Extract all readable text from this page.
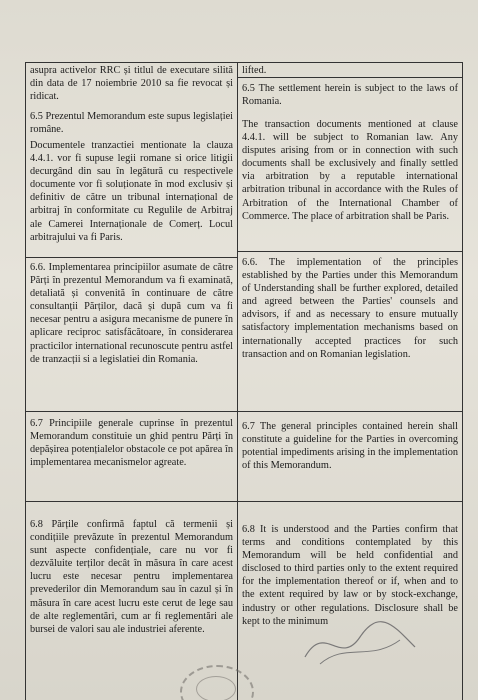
asupra activelor RRC și titlul de executare silită din data de 17 noiembrie 2010 sa fie revocat și ridicat.

6.5 Prezentul Memorandum este supus legislației române.

Documentele tranzactiei mentionate la clauza 4.4.1. vor fi supuse legii romane si orice litigii decurgând din sau în legătură cu respectivele documente vor fi soluționate în mod exclusiv și definitiv de către un tribunal internațional de arbitraj în conformitate cu Regulile de Arbitraj ale Camerei Internaționale de Comerț. Locul arbitrajului va fi Paris.

6.6. Implementarea principiilor asumate de către Părți în prezentul Memorandum va fi examinată, detaliată și convenită în continuare de către consultanții Părților, dacă și după cum va fi necesar pentru a asigura mecanisme de punere în aplicare reciproc satisfăcătoare, în considerarea practicilor international recunoscute pentru astfel de tranzacții si a legislatiei din Romania.

6.7 Principiile generale cuprinse în prezentul Memorandum constituie un ghid pentru Părți în depășirea potențialelor obstacole ce pot apărea în implementarea mecanismelor agreate.

6.8 Părțile confirmă faptul că termenii și condițiile prevăzute în prezentul Memorandum sunt aspecte confidențiale, care nu vor fi dezvăluite terților decât în măsura în care acest lucru este necesar pentru implementarea prevederilor din Memorandum sau în cazul și în măsura în care acest lucru este cerut de lege sau de alte reglementări, cum ar fi reglementări ale bursei de valori sau ale industriei aferente.

lifted.

6.5 The settlement herein is subject to the laws of Romania.

The transaction documents mentioned at clause 4.4.1. will be subject to Romanian law. Any disputes arising from or in connection with such documents shall be exclusively and finally settled via arbitration by a reputable international arbitration tribunal in accordance with the Rules of Arbitration of the International Chamber of Commerce. The place of arbitration shall be Paris.

6.6. The implementation of the principles established by the Parties under this Memorandum of Understanding shall be further explored, detailed and agreed between the Parties' counsels and advisors, if and as necessary to ensure mutually satisfactory implementation mechanisms based on internationally accepted practices for such transaction and on Romanian legislation.

6.7 The general principles contained herein shall constitute a guideline for the Parties in overcoming potential impediments arising in the implementation of this Memorandum.

6.8 It is understood and the Parties confirm that terms and conditions contemplated by this Memorandum will be held confidential and disclosed to third parties only to the extent required for the implementation thereof or if, when and to the extent required by law or by stock-exchange, industry or other regulations. Disclosure shall be kept to the minimum
